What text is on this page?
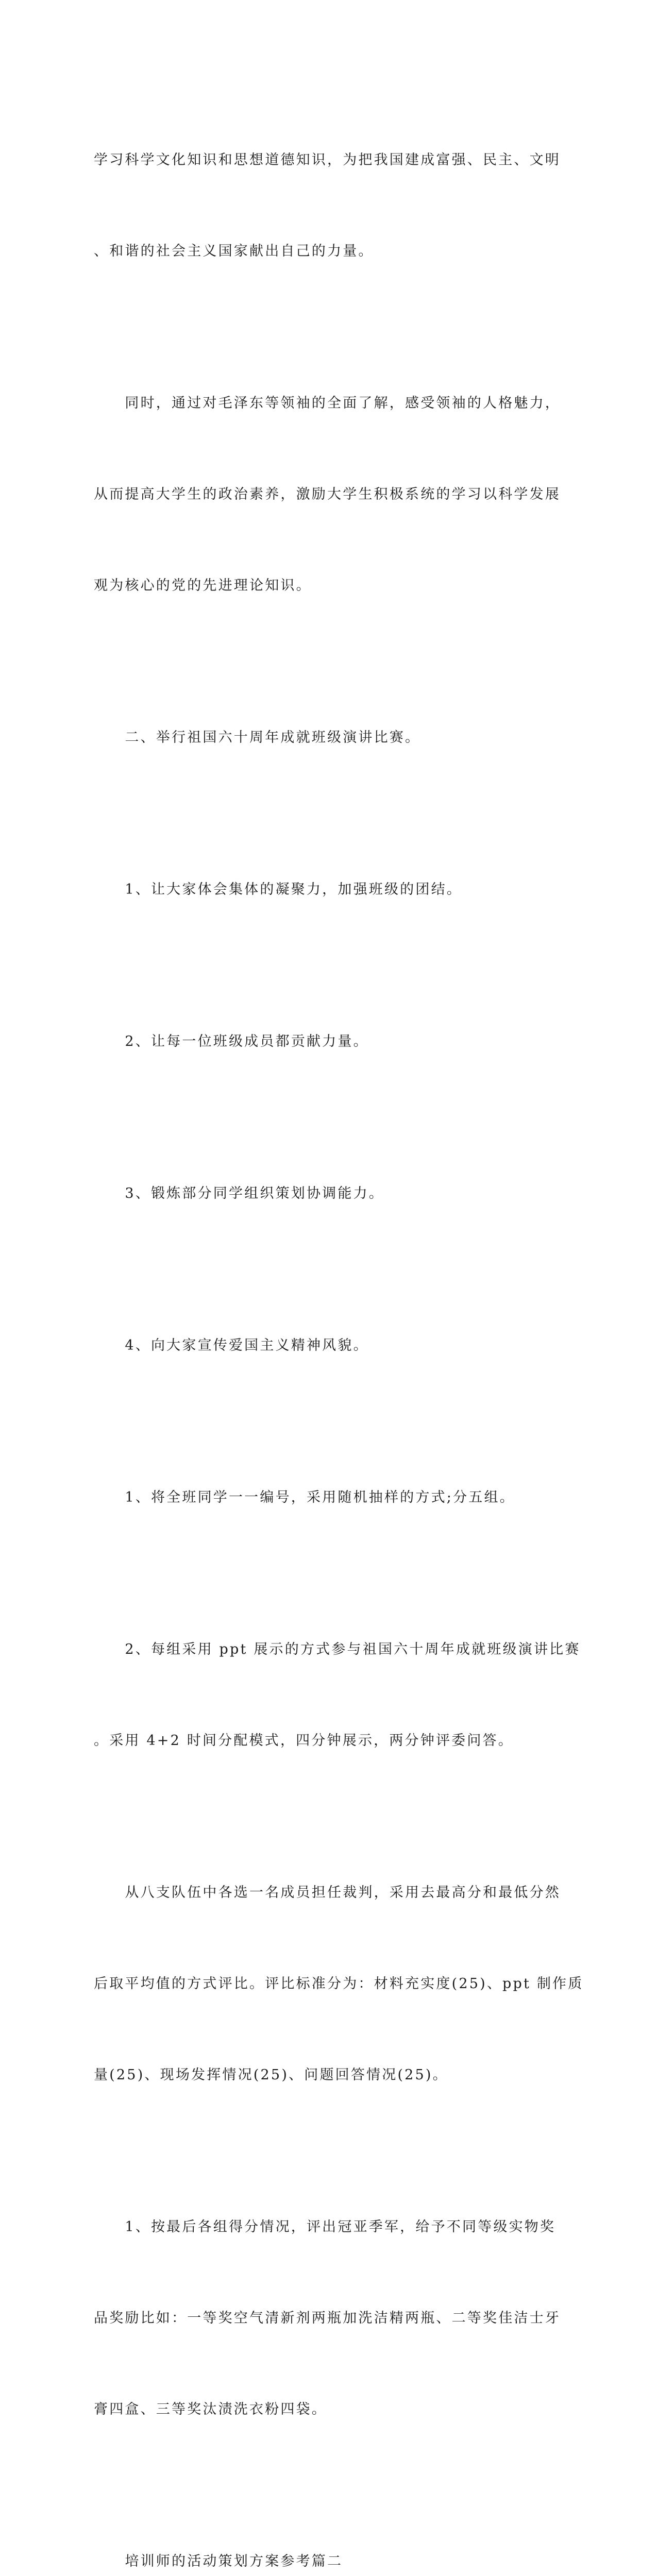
学习科学文化知识和思想道德知识，为把我国建成富强、民主、文明

、和谐的社会主义国家献出自己的力量。

　　同时，通过对毛泽东等领袖的全面了解，感受领袖的人格魅力，

从而提高大学生的政治素养，激励大学生积极系统的学习以科学发展

观为核心的党的先进理论知识。

　　二、举行祖国六十周年成就班级演讲比赛。

　　1、让大家体会集体的凝聚力，加强班级的团结。

　　2、让每一位班级成员都贡献力量。

　　3、锻炼部分同学组织策划协调能力。

　　4、向大家宣传爱国主义精神风貌。

　　1、将全班同学一一编号，采用随机抽样的方式;分五组。

　　2、每组采用 ppt 展示的方式参与祖国六十周年成就班级演讲比赛

。采用 4+2 时间分配模式，四分钟展示，两分钟评委问答。

　　从八支队伍中各选一名成员担任裁判，采用去最高分和最低分然

后取平均值的方式评比。评比标准分为：材料充实度(25)、ppt 制作质

量(25)、现场发挥情况(25)、问题回答情况(25)。

　　1、按最后各组得分情况，评出冠亚季军，给予不同等级实物奖

品奖励比如：一等奖空气清新剂两瓶加洗洁精两瓶、二等奖佳洁士牙

膏四盒、三等奖汰渍洗衣粉四袋。

　　培训师的活动策划方案参考篇二
